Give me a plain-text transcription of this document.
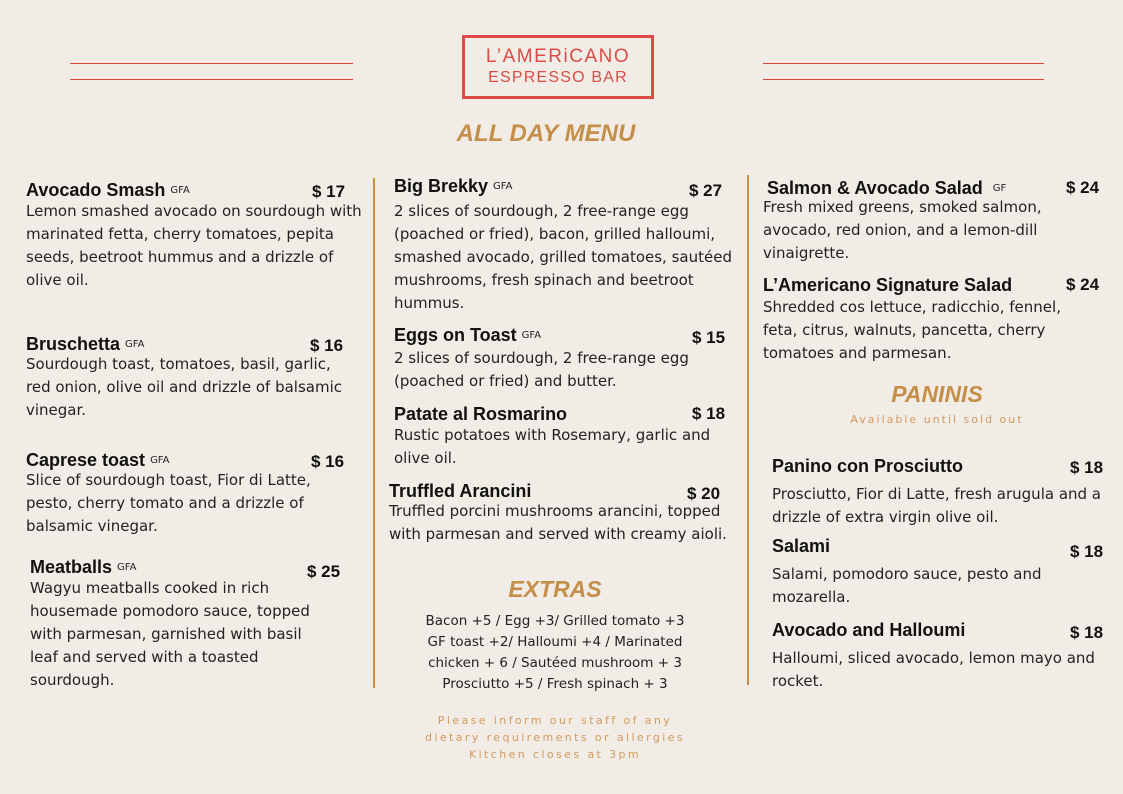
L’AMERiCANO
ESPRESSO BAR
ALL DAY MENU
Avocado Smash GFA	$ 17
Lemon smashed avocado on sourdough with marinated fetta, cherry tomatoes, pepita seeds, beetroot hummus and a drizzle of olive oil.
Bruschetta GFA	$ 16
Sourdough toast, tomatoes, basil, garlic, red onion, olive oil and drizzle of balsamic vinegar.
Caprese toast GFA	$ 16
Slice of sourdough toast, Fior di Latte, pesto, cherry tomato and a drizzle of balsamic vinegar.
Meatballs GFA	$ 25
Wagyu meatballs cooked in rich housemade pomodoro sauce, topped with parmesan, garnished with basil leaf and served with a toasted sourdough.
Big Brekky GFA	$ 27
2 slices of sourdough, 2 free-range egg (poached or fried), bacon, grilled halloumi, smashed avocado, grilled tomatoes, sautéed mushrooms, fresh spinach and beetroot hummus.
Eggs on Toast GFA	$ 15
2 slices of sourdough, 2 free-range egg (poached or fried) and butter.
Patate al Rosmarino	$ 18
Rustic potatoes with Rosemary, garlic and olive oil.
Truffled Arancini	$ 20
Truffled porcini mushrooms arancini, topped with parmesan and served with creamy aioli.
EXTRAS
Bacon +5 / Egg +3/ Grilled tomato +3
GF toast +2/ Halloumi +4 / Marinated
chicken + 6 / Sautéed mushroom + 3
Prosciutto +5 / Fresh spinach + 3
Please inform our staff of any
dietary requirements or allergies
Kitchen closes at 3pm
Salmon & Avocado Salad GF	$ 24
Fresh mixed greens, smoked salmon, avocado, red onion, and a lemon-dill vinaigrette.
L’Americano Signature Salad	$ 24
Shredded cos lettuce, radicchio, fennel, feta, citrus, walnuts, pancetta, cherry tomatoes and parmesan.
PANINIS
Available until sold out
Panino con Prosciutto	$ 18
Prosciutto, Fior di Latte, fresh arugula and a drizzle of extra virgin olive oil.
Salami	$ 18
Salami, pomodoro sauce, pesto and mozarella.
Avocado and Halloumi	$ 18
Halloumi, sliced avocado, lemon mayo and rocket.
